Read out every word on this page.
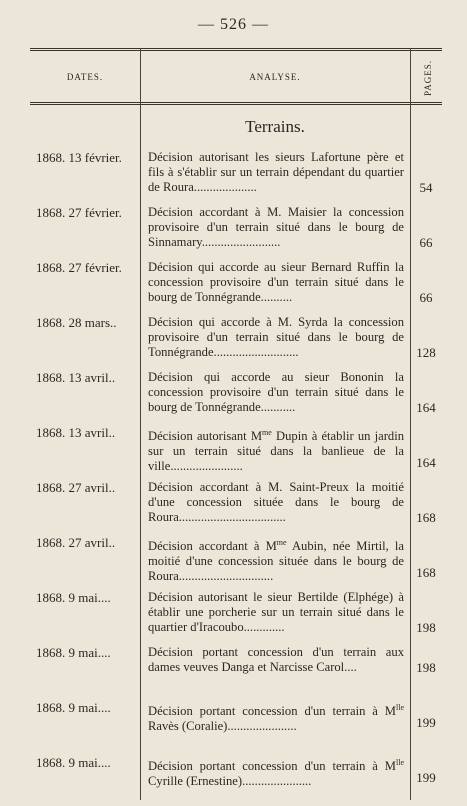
— 526 —
DATES.	ANALYSE.	PAGES.
Terrains.
1868. 13 février.	Décision autorisant les sieurs Lafortune père et fils à s'établir sur un terrain dépendant du quartier de Roura....................	54
1868. 27 février.	Décision accordant à M. Maisier la concession provisoire d'un terrain situé dans le bourg de Sinnamary.........................	66
1868. 27 février.	Décision qui accorde au sieur Bernard Ruffin la concession provisoire d'un terrain situé dans le bourg de Tonnégrande..........	66
1868. 28 mars..	Décision qui accorde à M. Syrda la concession provisoire d'un terrain situé dans le bourg de Tonnégrande...........................	128
1868. 13 avril..	Décision qui accorde au sieur Bononin la concession provisoire d'un terrain situé dans le bourg de Tonnégrande...........	164
1868. 13 avril..	Décision autorisant $M^{me}$ Dupin à établir un jardin sur un terrain situé dans la banlieue de la ville.......................	164
1868. 27 avril..	Décision accordant à M. Saint-Preux la moitié d'une concession située dans le bourg de Roura..................................	168
1868. 27 avril..	Décision accordant à $M^{me}$ Aubin, née Mirtil, la moitié d'une concession située dans le bourg de Roura..............................	168
1868. 9 mai....	Décision autorisant le sieur Bertilde (Elphége) à établir une porcherie sur un terrain situé dans le quartier d'Iracoubo.............	198
1868. 9 mai....	Décision portant concession d'un terrain aux dames veuves Danga et Narcisse Carol....	198
1868. 9 mai....	Décision portant concession d'un terrain à $M^{lle}$ Ravès (Coralie)......................	199
1868. 9 mai....	Décision portant concession d'un terrain à $M^{lle}$ Cyrille (Ernestine)......................	199
